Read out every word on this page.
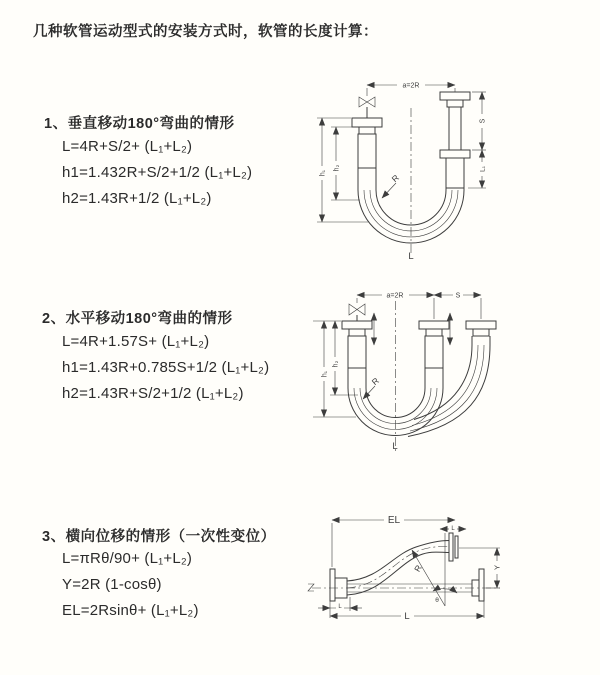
几种软管运动型式的安装方式时，软管的长度计算：
1、垂直移动180°弯曲的情形
L=4R+S/2+ (L₁+L₂)
h1=1.432R+S/2+1/2 (L₁+L₂)
h2=1.43R+1/2 (L₁+L₂)
2、水平移动180°弯曲的情形
L=4R+1.57S+ (L₁+L₂)
h1=1.43R+0.785S+1/2 (L₁+L₂)
h2=1.43R+S/2+1/2 (L₁+L₂)
3、横向位移的情形（一次性变位）
L=πRθ/90+ (L₁+L₂)
Y=2R (1-cosθ)
EL=2Rsinθ+ (L₁+L₂)
a=2R
h₁
h₂
S
L₁
R
L
a=2R	S
h₁
h₂
R
L
EL
L
R
θ
Y
L
L
